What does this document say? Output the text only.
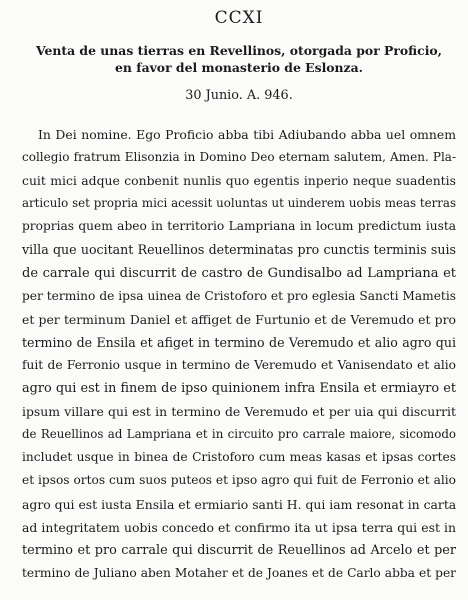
CCXI
Venta de unas tierras en Revellinos, otorgada por Proficio,
en favor del monasterio de Eslonza.
30 Junio. A. 946.
In Dei nomine. Ego Proficio abba tibi Adiubando abba uel omnem
collegio fratrum Elisonzia in Domino Deo eternam salutem, Amen. Pla-
cuit mici adque conbenit nunlis quo egentis inperio neque suadentis
articulo set propria mici acessit uoluntas ut uinderem uobis meas terras
proprias quem abeo in territorio Lampriana in locum predictum iusta
villa que uocitant Reuellinos determinatas pro cunctis terminis suis
de carrale qui discurrit de castro de Gundisalbo ad Lampriana et
per termino de ipsa uinea de Cristoforo et pro eglesia Sancti Mametis
et per terminum Daniel et affiget de Furtunio et de Veremudo et pro
termino de Ensila et afiget in termino de Veremudo et alio agro qui
fuit de Ferronio usque in termino de Veremudo et Vanisendato et alio
agro qui est in finem de ipso quinionem infra Ensila et ermiayro et
ipsum villare qui est in termino de Veremudo et per uia qui discurrit
de Reuellinos ad Lampriana et in circuito pro carrale maiore, sicomodo
includet usque in binea de Cristoforo cum meas kasas et ipsas cortes
et ipsos ortos cum suos puteos et ipso agro qui fuit de Ferronio et alio
agro qui est iusta Ensila et ermiario santi H. qui iam resonat in carta
ad integritatem uobis concedo et confirmo ita ut ipsa terra qui est in
termino et pro carrale qui discurrit de Reuellinos ad Arcelo et per
termino de Juliano aben Motaher et de Joanes et de Carlo abba et per
